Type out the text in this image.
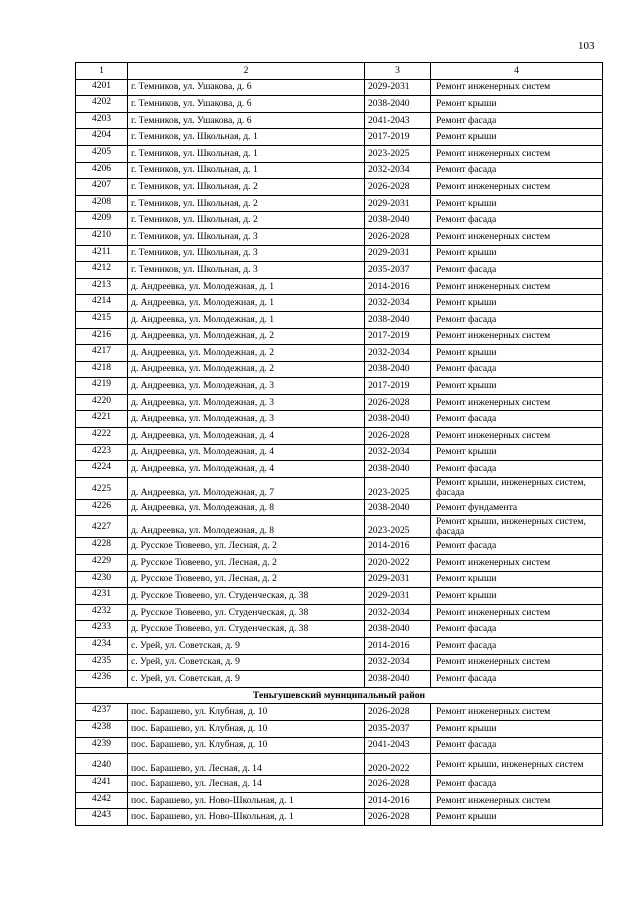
103
1	2	3	4
4201	г. Темников, ул. Ушакова, д. 6	2029-2031	Ремонт инженерных систем
4202	г. Темников, ул. Ушакова, д. 6	2038-2040	Ремонт крыши
4203	г. Темников, ул. Ушакова, д. 6	2041-2043	Ремонт фасада
4204	г. Темников, ул. Школьная, д. 1	2017-2019	Ремонт крыши
4205	г. Темников, ул. Школьная, д. 1	2023-2025	Ремонт инженерных систем
4206	г. Темников, ул. Школьная, д. 1	2032-2034	Ремонт фасада
4207	г. Темников, ул. Школьная, д. 2	2026-2028	Ремонт инженерных систем
4208	г. Темников, ул. Школьная, д. 2	2029-2031	Ремонт крыши
4209	г. Темников, ул. Школьная, д. 2	2038-2040	Ремонт фасада
4210	г. Темников, ул. Школьная, д. 3	2026-2028	Ремонт инженерных систем
4211	г. Темников, ул. Школьная, д. 3	2029-2031	Ремонт крыши
4212	г. Темников, ул. Школьная, д. 3	2035-2037	Ремонт фасада
4213	д. Андреевка, ул. Молодежная, д. 1	2014-2016	Ремонт инженерных систем
4214	д. Андреевка, ул. Молодежная, д. 1	2032-2034	Ремонт крыши
4215	д. Андреевка, ул. Молодежная, д. 1	2038-2040	Ремонт фасада
4216	д. Андреевка, ул. Молодежная, д. 2	2017-2019	Ремонт инженерных систем
4217	д. Андреевка, ул. Молодежная, д. 2	2032-2034	Ремонт крыши
4218	д. Андреевка, ул. Молодежная, д. 2	2038-2040	Ремонт фасада
4219	д. Андреевка, ул. Молодежная, д. 3	2017-2019	Ремонт крыши
4220	д. Андреевка, ул. Молодежная, д. 3	2026-2028	Ремонт инженерных систем
4221	д. Андреевка, ул. Молодежная, д. 3	2038-2040	Ремонт фасада
4222	д. Андреевка, ул. Молодежная, д. 4	2026-2028	Ремонт инженерных систем
4223	д. Андреевка, ул. Молодежная, д. 4	2032-2034	Ремонт крыши
4224	д. Андреевка, ул. Молодежная, д. 4	2038-2040	Ремонт фасада
4225	д. Андреевка, ул. Молодежная, д. 7	2023-2025	Ремонт крыши, инженерных систем, фасада
4226	д. Андреевка, ул. Молодежная, д. 8	2038-2040	Ремонт фундамента
4227	д. Андреевка, ул. Молодежная, д. 8	2023-2025	Ремонт крыши, инженерных систем, фасада
4228	д. Русское Тювеево, ул. Лесная, д. 2	2014-2016	Ремонт фасада
4229	д. Русское Тювеево, ул. Лесная, д. 2	2020-2022	Ремонт инженерных систем
4230	д. Русское Тювеево, ул. Лесная, д. 2	2029-2031	Ремонт крыши
4231	д. Русское Тювеево, ул. Студенческая, д. 38	2029-2031	Ремонт крыши
4232	д. Русское Тювеево, ул. Студенческая, д. 38	2032-2034	Ремонт инженерных систем
4233	д. Русское Тювеево, ул. Студенческая, д. 38	2038-2040	Ремонт фасада
4234	с. Урей, ул. Советская, д. 9	2014-2016	Ремонт фасада
4235	с. Урей, ул. Советская, д. 9	2032-2034	Ремонт инженерных систем
4236	с. Урей, ул. Советская, д. 9	2038-2040	Ремонт фасада
Теньгушевский муниципальный район			
4237	пос. Барашево, ул. Клубная, д. 10	2026-2028	Ремонт инженерных систем
4238	пос. Барашево, ул. Клубная, д. 10	2035-2037	Ремонт крыши
4239	пос. Барашево, ул. Клубная, д. 10	2041-2043	Ремонт фасада
4240	пос. Барашево, ул. Лесная, д. 14	2020-2022	Ремонт крыши, инженерных систем
4241	пос. Барашево, ул. Лесная, д. 14	2026-2028	Ремонт фасада
4242	пос. Барашево, ул. Ново-Школьная, д. 1	2014-2016	Ремонт инженерных систем
4243	пос. Барашево, ул. Ново-Школьная, д. 1	2026-2028	Ремонт крыши
